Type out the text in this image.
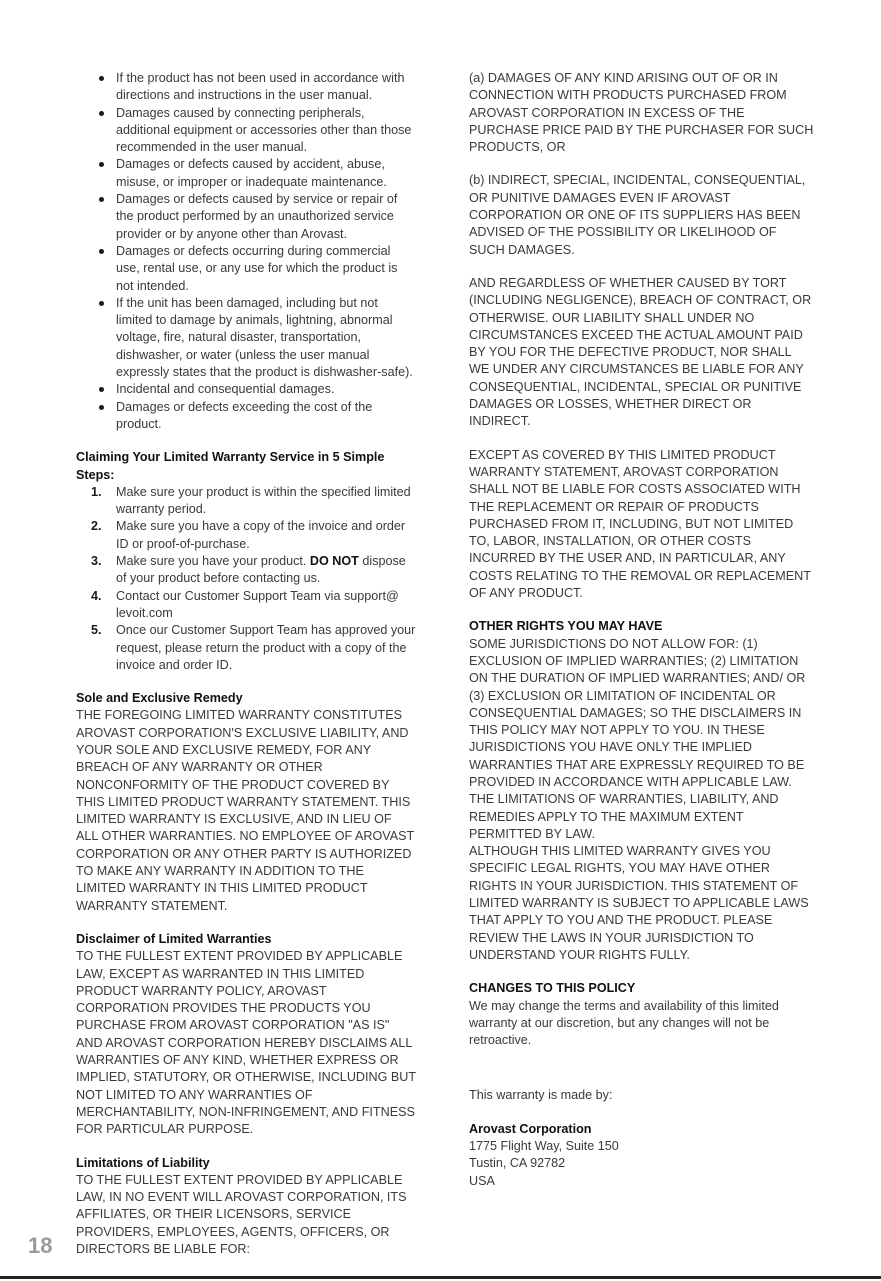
If the product has not been used in accordance with directions and instructions in the user manual.
Damages caused by connecting peripherals, additional equipment or accessories other than those recommended in the user manual.
Damages or defects caused by accident, abuse, misuse, or improper or inadequate maintenance.
Damages or defects caused by service or repair of the product performed by an unauthorized service provider or by anyone other than Arovast.
Damages or defects occurring during commercial use, rental use, or any use for which the product is not intended.
If the unit has been damaged, including but not limited to damage by animals, lightning, abnormal voltage, fire, natural disaster, transportation, dishwasher, or water (unless the user manual expressly states that the product is dishwasher-safe).
Incidental and consequential damages.
Damages or defects exceeding the cost of the product.

Claiming Your Limited Warranty Service in 5 Simple Steps:

1. Make sure your product is within the specified limited warranty period.
2. Make sure you have a copy of the invoice and order ID or proof-of-purchase.
3. Make sure you have your product. DO NOT dispose of your product before contacting us.
4. Contact our Customer Support Team via support@ levoit.com
5. Once our Customer Support Team has approved your request, please return the product with a copy of the invoice and order ID.

Sole and Exclusive Remedy

THE FOREGOING LIMITED WARRANTY CONSTITUTES AROVAST CORPORATION'S EXCLUSIVE LIABILITY, AND YOUR SOLE AND EXCLUSIVE REMEDY, FOR ANY BREACH OF ANY WARRANTY OR OTHER NONCONFORMITY OF THE PRODUCT COVERED BY THIS LIMITED PRODUCT WARRANTY STATEMENT. THIS LIMITED WARRANTY IS EXCLUSIVE, AND IN LIEU OF ALL OTHER WARRANTIES. NO EMPLOYEE OF AROVAST CORPORATION OR ANY OTHER PARTY IS AUTHORIZED TO MAKE ANY WARRANTY IN ADDITION TO THE LIMITED WARRANTY IN THIS LIMITED PRODUCT WARRANTY STATEMENT.

Disclaimer of Limited Warranties

TO THE FULLEST EXTENT PROVIDED BY APPLICABLE LAW, EXCEPT AS WARRANTED IN THIS LIMITED PRODUCT WARRANTY POLICY, AROVAST CORPORATION PROVIDES THE PRODUCTS YOU PURCHASE FROM AROVAST CORPORATION "AS IS" AND AROVAST CORPORATION HEREBY DISCLAIMS ALL WARRANTIES OF ANY KIND, WHETHER EXPRESS OR IMPLIED, STATUTORY, OR OTHERWISE, INCLUDING BUT NOT LIMITED TO ANY WARRANTIES OF MERCHANTABILITY, NON-INFRINGEMENT, AND FITNESS FOR PARTICULAR PURPOSE.

Limitations of Liability

TO THE FULLEST EXTENT PROVIDED BY APPLICABLE LAW, IN NO EVENT WILL AROVAST CORPORATION, ITS AFFILIATES, OR THEIR LICENSORS, SERVICE PROVIDERS, EMPLOYEES, AGENTS, OFFICERS, OR DIRECTORS BE LIABLE FOR:

(a) DAMAGES OF ANY KIND ARISING OUT OF OR IN CONNECTION WITH PRODUCTS PURCHASED FROM AROVAST CORPORATION IN EXCESS OF THE PURCHASE PRICE PAID BY THE PURCHASER FOR SUCH PRODUCTS, OR

(b) INDIRECT, SPECIAL, INCIDENTAL, CONSEQUENTIAL, OR PUNITIVE DAMAGES EVEN IF AROVAST CORPORATION OR ONE OF ITS SUPPLIERS HAS BEEN ADVISED OF THE POSSIBILITY OR LIKELIHOOD OF SUCH DAMAGES.

AND REGARDLESS OF WHETHER CAUSED BY TORT (INCLUDING NEGLIGENCE), BREACH OF CONTRACT, OR OTHERWISE. OUR LIABILITY SHALL UNDER NO CIRCUMSTANCES EXCEED THE ACTUAL AMOUNT PAID BY YOU FOR THE DEFECTIVE PRODUCT, NOR SHALL WE UNDER ANY CIRCUMSTANCES BE LIABLE FOR ANY CONSEQUENTIAL, INCIDENTAL, SPECIAL OR PUNITIVE DAMAGES OR LOSSES, WHETHER DIRECT OR INDIRECT.

EXCEPT AS COVERED BY THIS LIMITED PRODUCT WARRANTY STATEMENT, AROVAST CORPORATION SHALL NOT BE LIABLE FOR COSTS ASSOCIATED WITH THE REPLACEMENT OR REPAIR OF PRODUCTS PURCHASED FROM IT, INCLUDING, BUT NOT LIMITED TO, LABOR, INSTALLATION, OR OTHER COSTS INCURRED BY THE USER AND, IN PARTICULAR, ANY COSTS RELATING TO THE REMOVAL OR REPLACEMENT OF ANY PRODUCT.

OTHER RIGHTS YOU MAY HAVE

SOME JURISDICTIONS DO NOT ALLOW FOR: (1) EXCLUSION OF IMPLIED WARRANTIES; (2) LIMITATION ON THE DURATION OF IMPLIED WARRANTIES; AND/ OR (3) EXCLUSION OR LIMITATION OF INCIDENTAL OR CONSEQUENTIAL DAMAGES; SO THE DISCLAIMERS IN THIS POLICY MAY NOT APPLY TO YOU. IN THESE JURISDICTIONS YOU HAVE ONLY THE IMPLIED WARRANTIES THAT ARE EXPRESSLY REQUIRED TO BE PROVIDED IN ACCORDANCE WITH APPLICABLE LAW. THE LIMITATIONS OF WARRANTIES, LIABILITY, AND REMEDIES APPLY TO THE MAXIMUM EXTENT PERMITTED BY LAW.

ALTHOUGH THIS LIMITED WARRANTY GIVES YOU SPECIFIC LEGAL RIGHTS, YOU MAY HAVE OTHER RIGHTS IN YOUR JURISDICTION. THIS STATEMENT OF LIMITED WARRANTY IS SUBJECT TO APPLICABLE LAWS THAT APPLY TO YOU AND THE PRODUCT. PLEASE REVIEW THE LAWS IN YOUR JURISDICTION TO UNDERSTAND YOUR RIGHTS FULLY.

CHANGES TO THIS POLICY

We may change the terms and availability of this limited warranty at our discretion, but any changes will not be retroactive.

This warranty is made by:

Arovast Corporation

1775 Flight Way, Suite 150

Tustin, CA 92782

USA

18
